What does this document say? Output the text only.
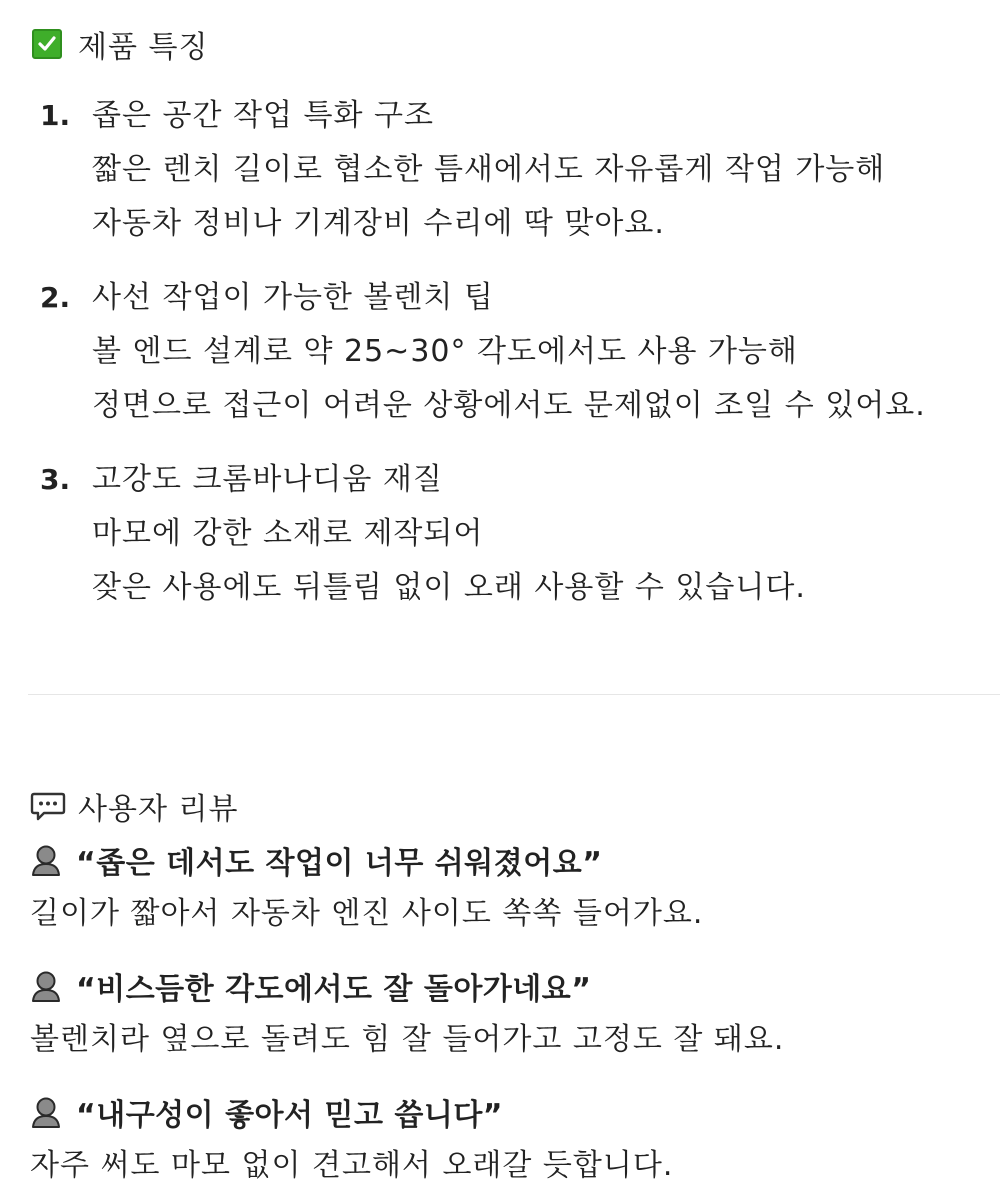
제품 특징
1. 좁은 공간 작업 특화 구조
짧은 렌치 길이로 협소한 틈새에서도 자유롭게 작업 가능해
자동차 정비나 기계장비 수리에 딱 맞아요.
2. 사선 작업이 가능한 볼렌치 팁
볼 엔드 설계로 약 25~30° 각도에서도 사용 가능해
정면으로 접근이 어려운 상황에서도 문제없이 조일 수 있어요.
3. 고강도 크롬바나디움 재질
마모에 강한 소재로 제작되어
잦은 사용에도 뒤틀림 없이 오래 사용할 수 있습니다.
사용자 리뷰
“좁은 데서도 작업이 너무 쉬워졌어요”
길이가 짧아서 자동차 엔진 사이도 쏙쏙 들어가요.
“비스듬한 각도에서도 잘 돌아가네요”
볼렌치라 옆으로 돌려도 힘 잘 들어가고 고정도 잘 돼요.
“내구성이 좋아서 믿고 씁니다”
자주 써도 마모 없이 견고해서 오래갈 듯합니다.
